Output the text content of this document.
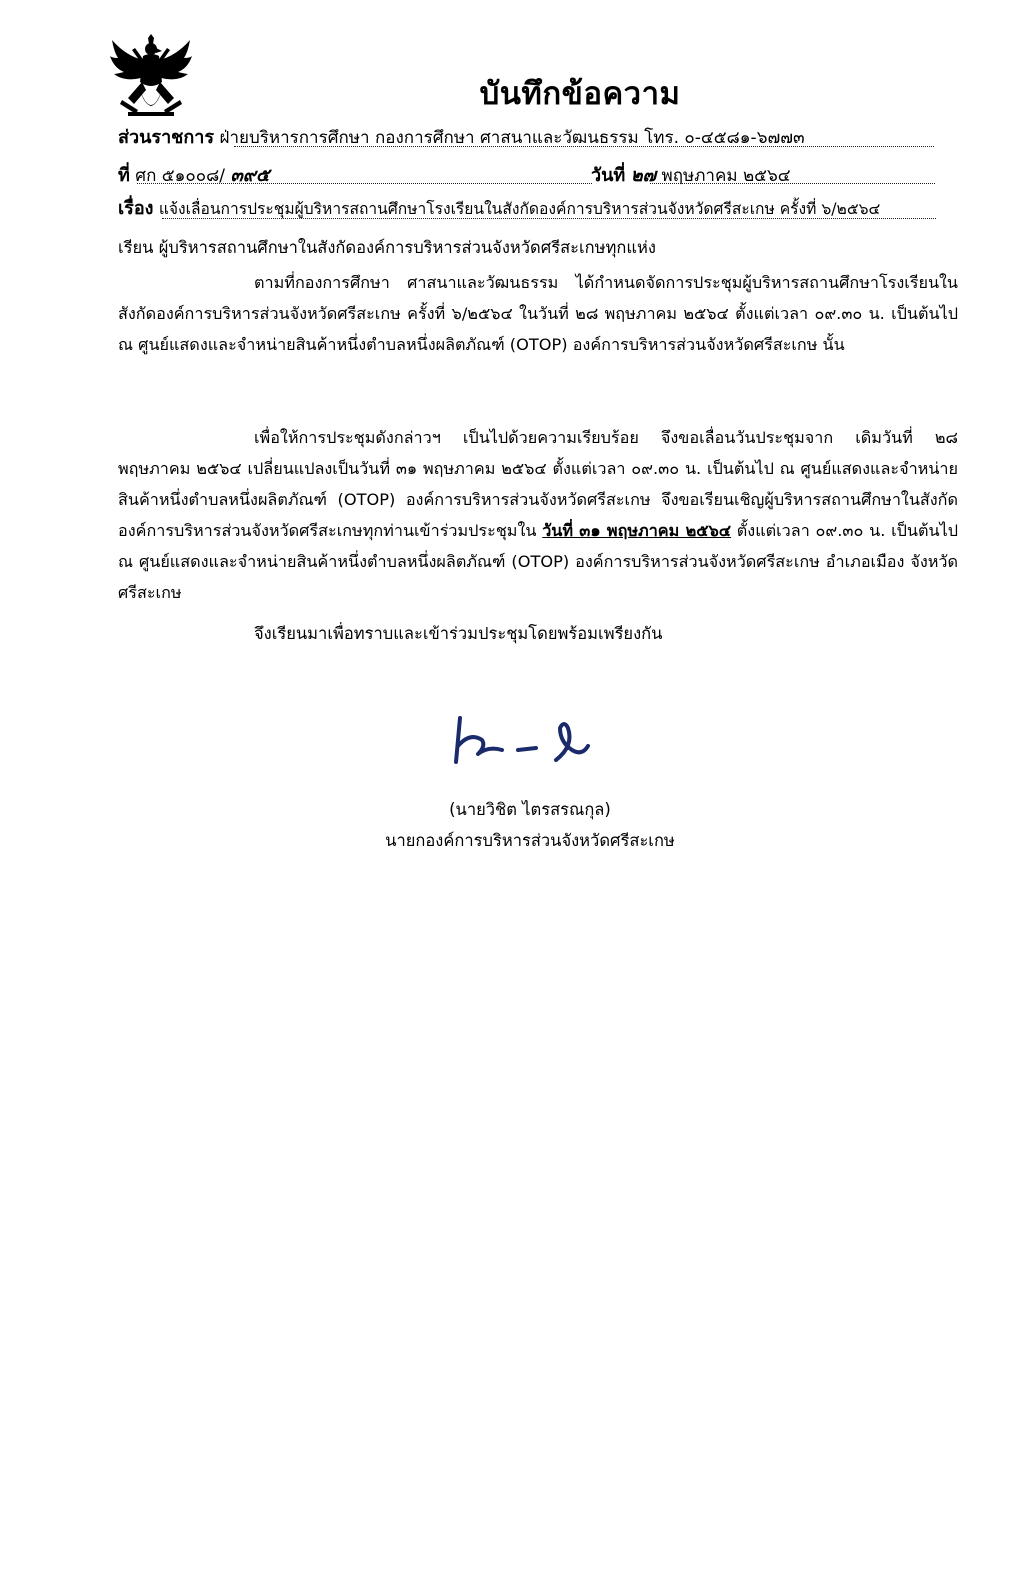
บันทึกข้อความ
ส่วนราชการ ฝ่ายบริหารการศึกษา กองการศึกษา ศาสนาและวัฒนธรรม โทร. ๐-๔๕๘๑-๖๗๗๓
ที่ ศก ๕๑๐๐๘/ ๓๙๕	วันที่ ๒๗ พฤษภาคม ๒๕๖๔
เรื่อง แจ้งเลื่อนการประชุมผู้บริหารสถานศึกษาโรงเรียนในสังกัดองค์การบริหารส่วนจังหวัดศรีสะเกษ ครั้งที่ ๖/๒๕๖๔
เรียน ผู้บริหารสถานศึกษาในสังกัดองค์การบริหารส่วนจังหวัดศรีสะเกษทุกแห่ง
ตามที่กองการศึกษา ศาสนาและวัฒนธรรม ได้กำหนดจัดการประชุมผู้บริหารสถานศึกษาโรงเรียนในสังกัดองค์การบริหารส่วนจังหวัดศรีสะเกษ ครั้งที่ ๖/๒๕๖๔ ในวันที่ ๒๘ พฤษภาคม ๒๕๖๔ ตั้งแต่เวลา ๐๙.๓๐ น. เป็นต้นไป ณ ศูนย์แสดงและจำหน่ายสินค้าหนึ่งตำบลหนึ่งผลิตภัณฑ์ (OTOP) องค์การบริหารส่วนจังหวัดศรีสะเกษ นั้น
เพื่อให้การประชุมดังกล่าวฯ เป็นไปด้วยความเรียบร้อย จึงขอเลื่อนวันประชุมจาก เดิมวันที่ ๒๘ พฤษภาคม ๒๕๖๔ เปลี่ยนแปลงเป็นวันที่ ๓๑ พฤษภาคม ๒๕๖๔ ตั้งแต่เวลา ๐๙.๓๐ น. เป็นต้นไป ณ ศูนย์แสดงและจำหน่ายสินค้าหนึ่งตำบลหนึ่งผลิตภัณฑ์ (OTOP) องค์การบริหารส่วนจังหวัดศรีสะเกษ จึงขอเรียนเชิญผู้บริหารสถานศึกษาในสังกัดองค์การบริหารส่วนจังหวัดศรีสะเกษทุกท่านเข้าร่วมประชุมใน วันที่ ๓๑ พฤษภาคม ๒๕๖๔ ตั้งแต่เวลา ๐๙.๓๐ น. เป็นต้นไป ณ ศูนย์แสดงและจำหน่ายสินค้าหนึ่งตำบลหนึ่งผลิตภัณฑ์ (OTOP) องค์การบริหารส่วนจังหวัดศรีสะเกษ อำเภอเมือง จังหวัดศรีสะเกษ
จึงเรียนมาเพื่อทราบและเข้าร่วมประชุมโดยพร้อมเพรียงกัน
(นายวิชิต ไตรสรณกุล)
นายกองค์การบริหารส่วนจังหวัดศรีสะเกษ
